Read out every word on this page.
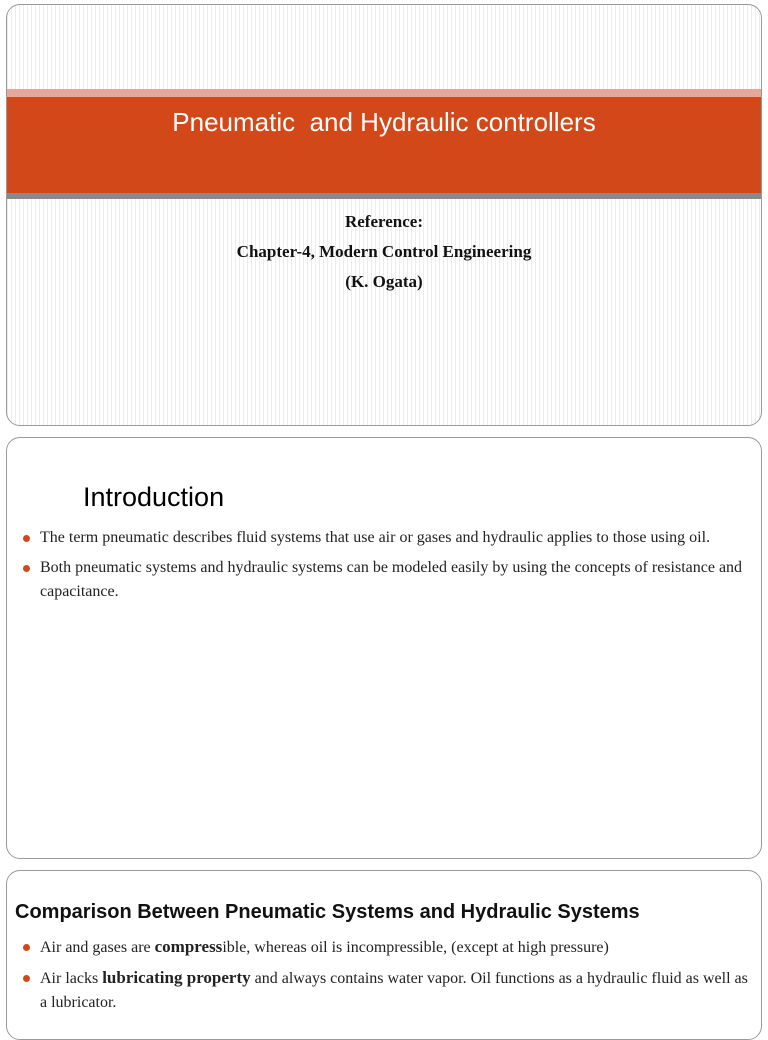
Pneumatic  and Hydraulic controllers
Reference:
Chapter-4, Modern Control Engineering
(K. Ogata)
Introduction
The term pneumatic describes fluid systems that use air or gases and hydraulic applies to those using oil.
Both pneumatic systems and hydraulic systems can be modeled easily by using the concepts of resistance and capacitance.
Comparison Between Pneumatic Systems and Hydraulic Systems
Air and gases are compressible, whereas oil is incompressible, (except at high pressure)
Air lacks lubricating property and always contains water vapor. Oil functions as a hydraulic fluid as well as a lubricator.
